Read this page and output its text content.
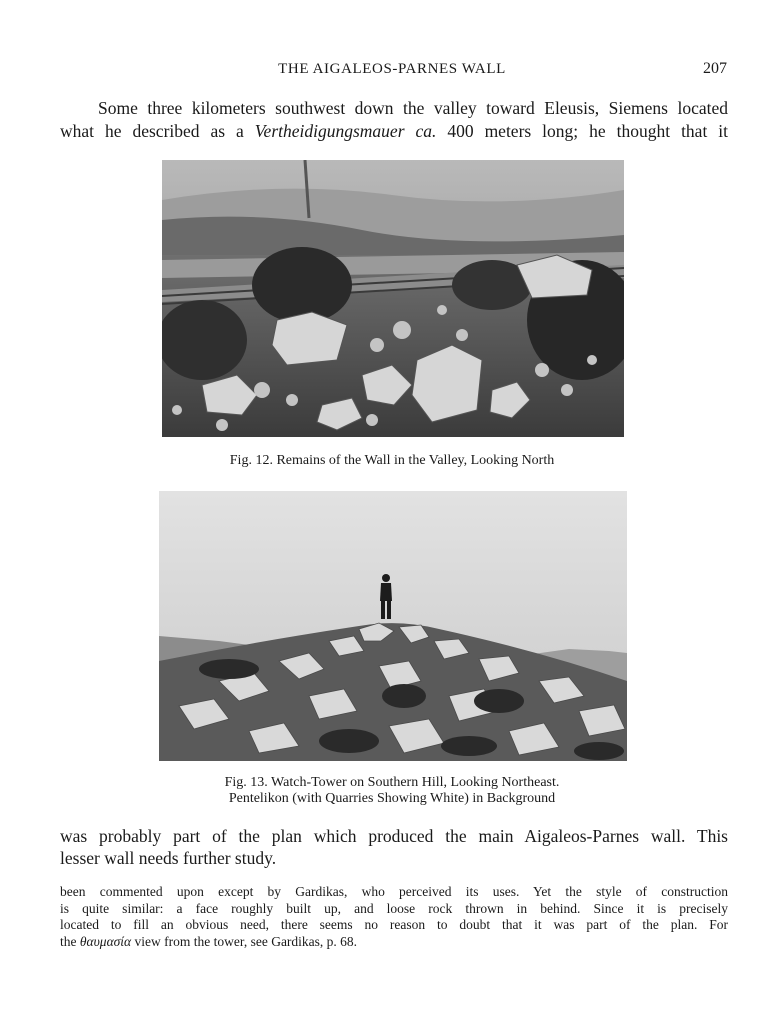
THE AIGALEOS-PARNES WALL	207
Some three kilometers southwest down the valley toward Eleusis, Siemens located
what he described as a Vertheidigungsmauer ca. 400 meters long; he thought that it
Fig. 12. Remains of the Wall in the Valley, Looking North
Fig. 13. Watch-Tower on Southern Hill, Looking Northeast.
Pentelikon (with Quarries Showing White) in Background
was probably part of the plan which produced the main Aigaleos-Parnes wall. This
lesser wall needs further study.
been commented upon except by Gardikas, who perceived its uses. Yet the style of construction
is quite similar: a face roughly built up, and loose rock thrown in behind. Since it is precisely
located to fill an obvious need, there seems no reason to doubt that it was part of the plan. For
the θαυμασία view from the tower, see Gardikas, p. 68.
